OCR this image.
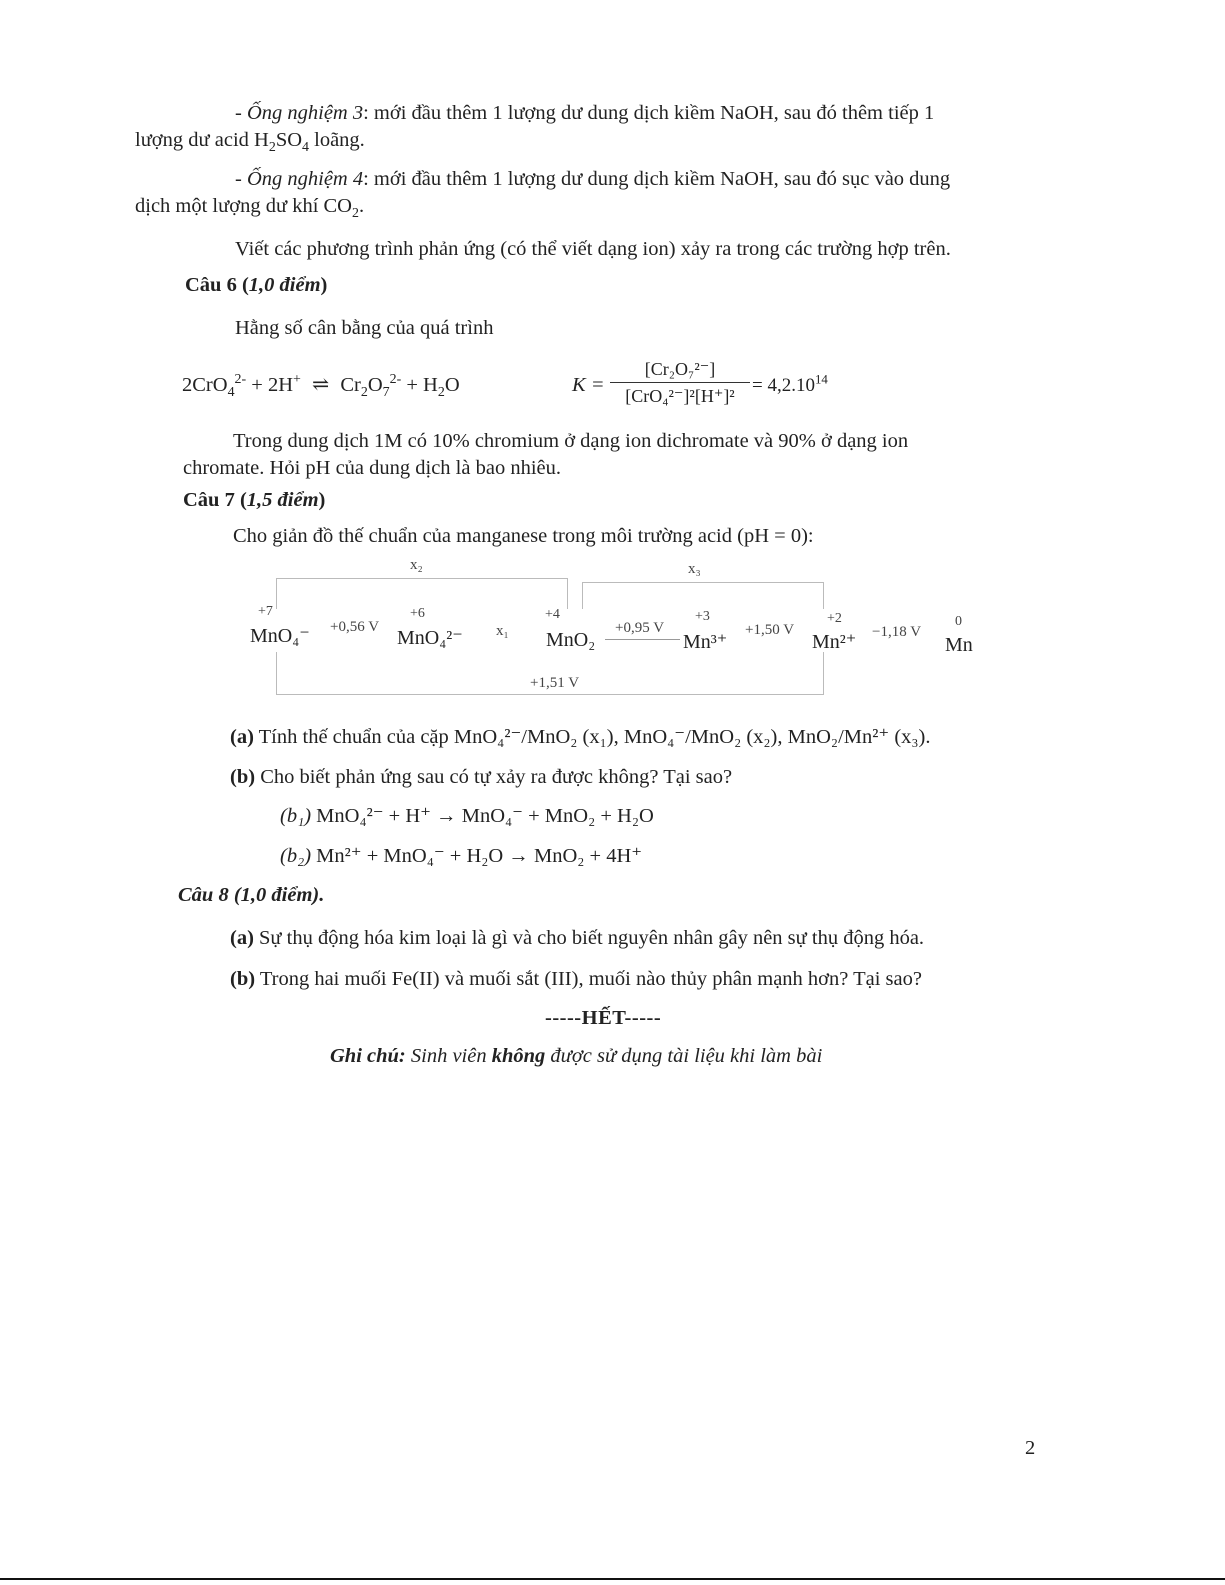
- Ống nghiệm 3: mới đầu thêm 1 lượng dư dung dịch kiềm NaOH, sau đó thêm tiếp 1
lượng dư acid $H_2SO_4$ loãng.
- Ống nghiệm 4: mới đầu thêm 1 lượng dư dung dịch kiềm NaOH, sau đó sục vào dung
dịch một lượng dư khí $CO_2$.
Viết các phương trình phản ứng (có thể viết dạng ion) xảy ra trong các trường hợp trên.
Câu 6 (1,0 điểm)
Hằng số cân bằng của quá trình
2CrO$_4^{2-}$ + 2H+ ⇌ $Cr_2O_7^{2-} + H_2O$	K =
[Cr₂O₇²⁻]
[CrO₄²⁻]²[H⁺]²
= $4,2.10^{14}$
Trong dung dịch 1M có 10% chromium ở dạng ion dichromate và 90% ở dạng ion
chromate. Hỏi pH của dung dịch là bao nhiêu.
Câu 7 (1,5 điểm)
Cho giản đồ thế chuẩn của manganese trong môi trường acid (pH = 0):
x₂	x₃
+7	+6	+4	+3	+2	0
MnO₄⁻ +0,56 V MnO₄²⁻ x₁ MnO₂
+0,95 V
Mn³⁺
+1,50 V
Mn²⁺ −1,18 V
Mn
+1,51 V
(a) Tính thế chuẩn của cặp MnO₄²⁻/MnO₂ (x₁), MnO₄⁻/MnO₂ (x₂), MnO₂/Mn²⁺ (x₃).
(b) Cho biết phản ứng sau có tự xảy ra được không? Tại sao?
(b₁) MnO₄²⁻ + H⁺ → MnO₄⁻ + MnO₂ + H₂O
(b₂) Mn²⁺ + MnO₄⁻ + H₂O → MnO₂ + 4H⁺
Câu 8 (1,0 điểm).
(a) Sự thụ động hóa kim loại là gì và cho biết nguyên nhân gây nên sự thụ động hóa.
(b) Trong hai muối Fe(II) và muối sắt (III), muối nào thủy phân mạnh hơn? Tại sao?
-----HẾT-----
Ghi chú: Sinh viên không được sử dụng tài liệu khi làm bài
2
